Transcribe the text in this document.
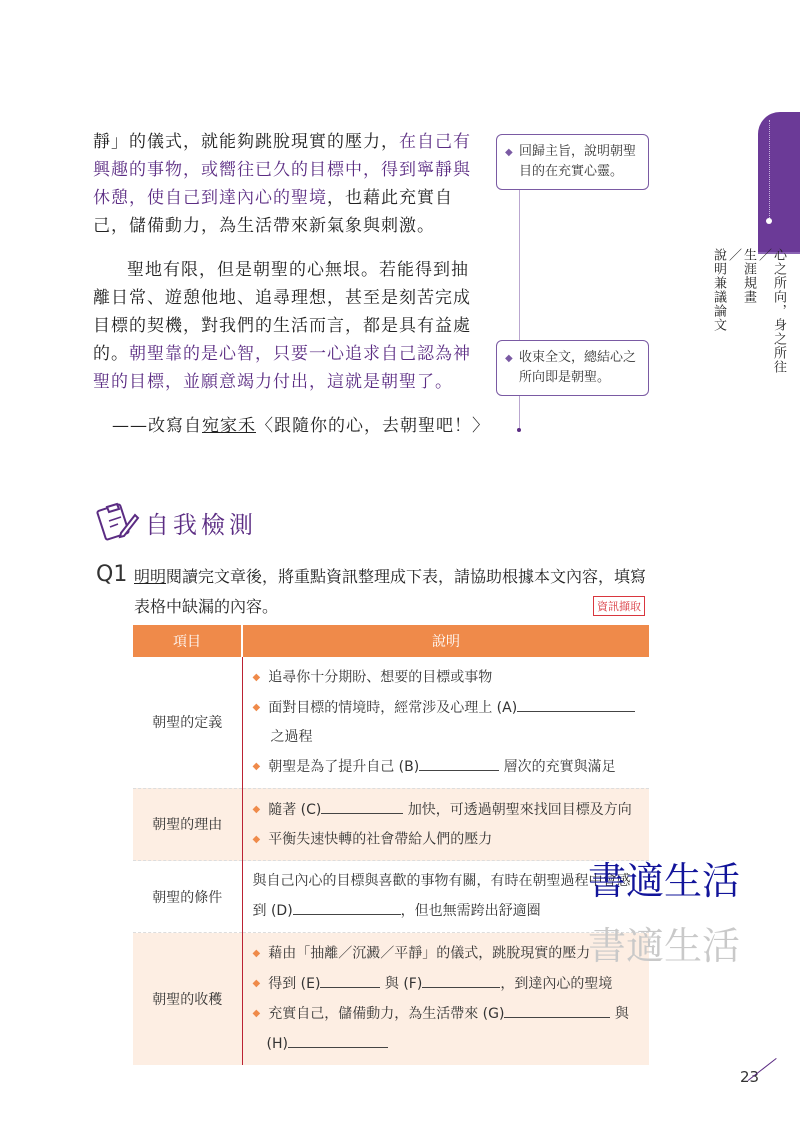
靜」的儀式，就能夠跳脫現實的壓力，在自己有興趣的事物，或嚮往已久的目標中，得到寧靜與休憩，使自己到達內心的聖境，也藉此充實自己，儲備動力，為生活帶來新氣象與刺激。

聖地有限，但是朝聖的心無垠。若能得到抽離日常、遊憩他地、追尋理想，甚至是刻苦完成目標的契機，對我們的生活而言，都是具有益處的。朝聖靠的是心智，只要一心追求自己認為神聖的目標，並願意竭力付出，這就是朝聖了。

——改寫自宛家禾〈跟隨你的心，去朝聖吧！〉
◆ 回歸主旨，說明朝聖目的在充實心靈。
◆ 收束全文，總結心之所向即是朝聖。
心之所向，身之所往
／
生涯規畫
／
說明兼議論文
自我檢測
Q1 明明閱讀完文章後，將重點資訊整理成下表，請協助根據本文內容，填寫表格中缺漏的內容。	資訊擷取
項目	說明
朝聖的定義	◆ 追尋你十分期盼、想要的目標或事物
◆ 面對目標的情境時，經常涉及心理上 (A)
之過程
◆ 朝聖是為了提升自己 (B) 層次的充實與滿足

朝聖的理由	◆ 隨著 (C) 加快，可透過朝聖來找回目標及方向
◆ 平衡失速快轉的社會帶給人們的壓力

朝聖的條件	與自己內心的目標與喜歡的事物有關，有時在朝聖過程中會感到 (D) ，但也無需跨出舒適圈

朝聖的收穫	◆ 藉由「抽離／沉澱／平靜」的儀式，跳脫現實的壓力
◆ 得到 (E) 與 (F) ，到達內心的聖境
◆ 充實自己，儲備動力，為生活帶來 (G) 與
(H)
書適生活
書適生活
23
